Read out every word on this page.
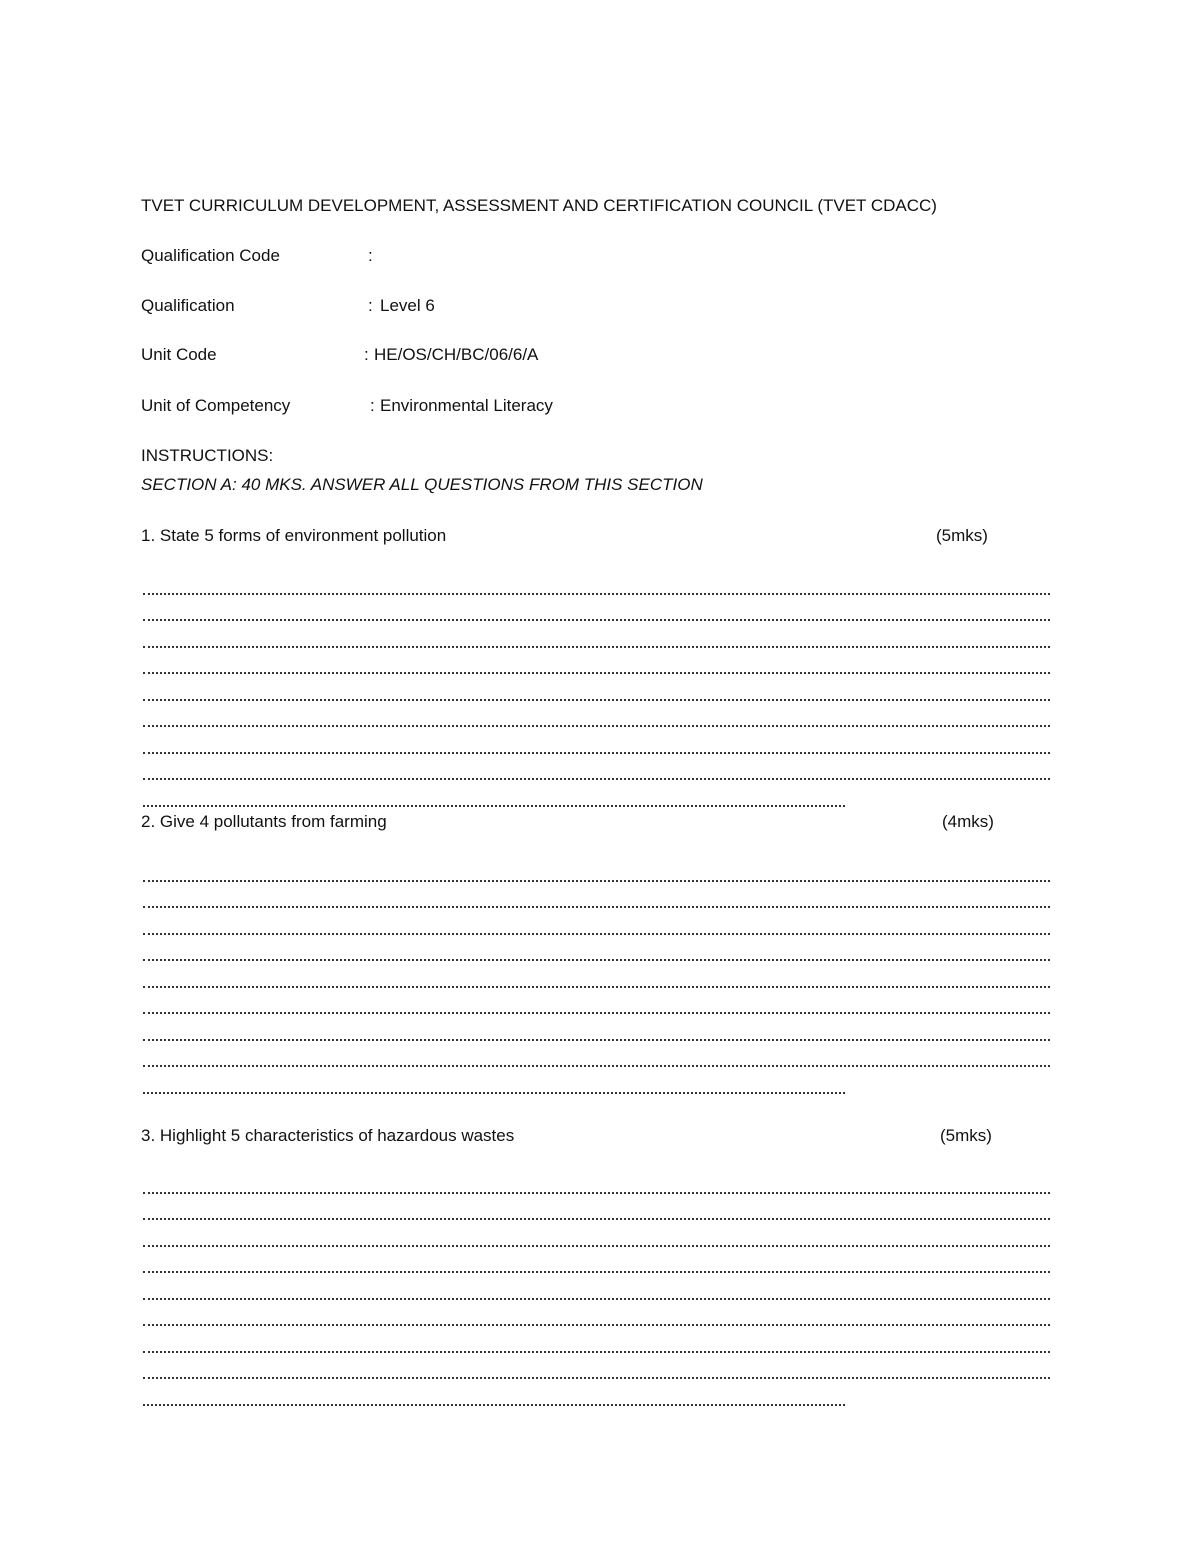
TVET CURRICULUM DEVELOPMENT, ASSESSMENT AND CERTIFICATION COUNCIL (TVET CDACC)
Qualification Code	:
Qualification	: Level 6
Unit Code	: HE/OS/CH/BC/06/6/A
Unit of Competency	: Environmental Literacy
INSTRUCTIONS:
SECTION A: 40 MKS. ANSWER ALL QUESTIONS FROM THIS SECTION
1. State 5 forms of environment pollution	(5mks)
2. Give 4 pollutants from farming	(4mks)
3. Highlight 5 characteristics of hazardous wastes	(5mks)
